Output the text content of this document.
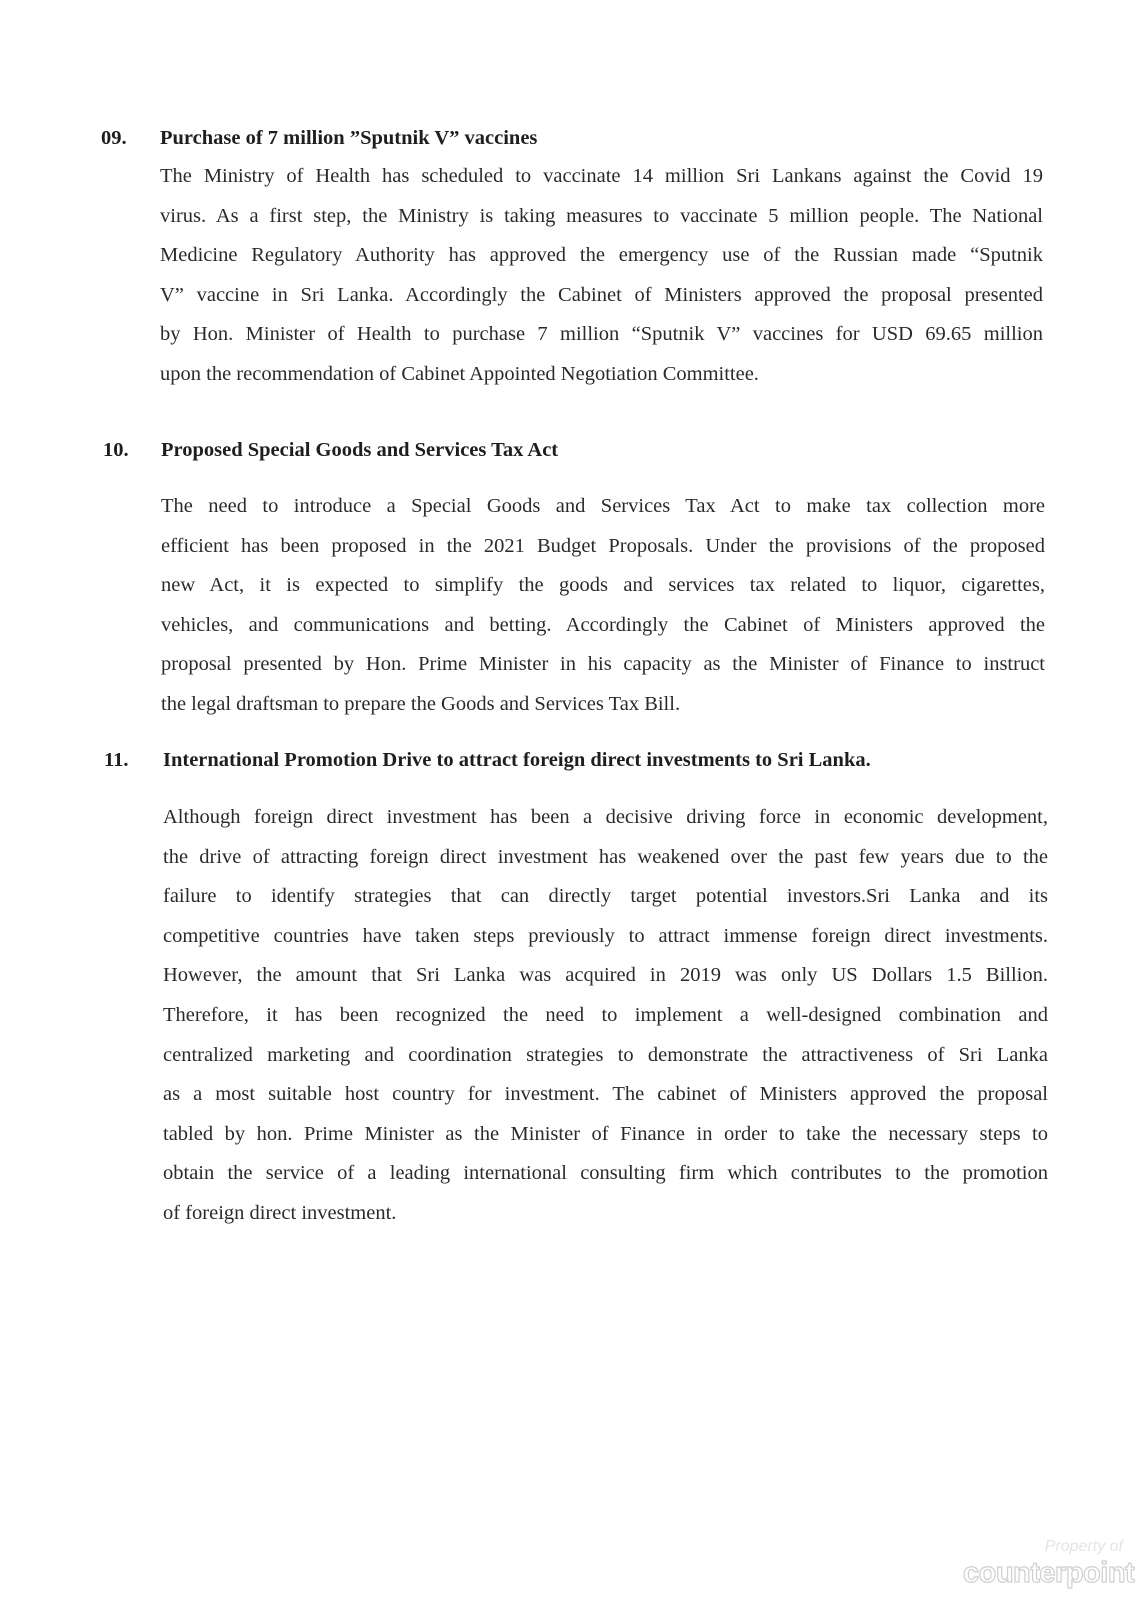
09. Purchase of 7 million ”Sputnik V” vaccines
The Ministry of Health has scheduled to vaccinate 14 million Sri Lankans against the Covid 19
virus. As a first step, the Ministry is taking measures to vaccinate 5 million people. The National
Medicine Regulatory Authority has approved the emergency use of the Russian made “Sputnik
V” vaccine in Sri Lanka. Accordingly the Cabinet of Ministers approved the proposal presented
by Hon. Minister of Health to purchase 7 million “Sputnik V” vaccines for USD 69.65 million
upon the recommendation of Cabinet Appointed Negotiation Committee.
10. Proposed Special Goods and Services Tax Act
The need to introduce a Special Goods and Services Tax Act to make tax collection more
efficient has been proposed in the 2021 Budget Proposals. Under the provisions of the proposed
new Act, it is expected to simplify the goods and services tax related to liquor, cigarettes,
vehicles, and communications and betting. Accordingly the Cabinet of Ministers approved the
proposal presented by Hon. Prime Minister in his capacity as the Minister of Finance to instruct
the legal draftsman to prepare the Goods and Services Tax Bill.
11. International Promotion Drive to attract foreign direct investments to Sri Lanka.
Although foreign direct investment has been a decisive driving force in economic development,
the drive of attracting foreign direct investment has weakened over the past few years due to the
failure to identify strategies that can directly target potential investors.Sri Lanka and its
competitive countries have taken steps previously to attract immense foreign direct investments.
However, the amount that Sri Lanka was acquired in 2019 was only US Dollars 1.5 Billion.
Therefore, it has been recognized the need to implement a well-designed combination and
centralized marketing and coordination strategies to demonstrate the attractiveness of Sri Lanka
as a most suitable host country for investment. The cabinet of Ministers approved the proposal
tabled by hon. Prime Minister as the Minister of Finance in order to take the necessary steps to
obtain the service of a leading international consulting firm which contributes to the promotion
of foreign direct investment.
Property of
counterpoint
